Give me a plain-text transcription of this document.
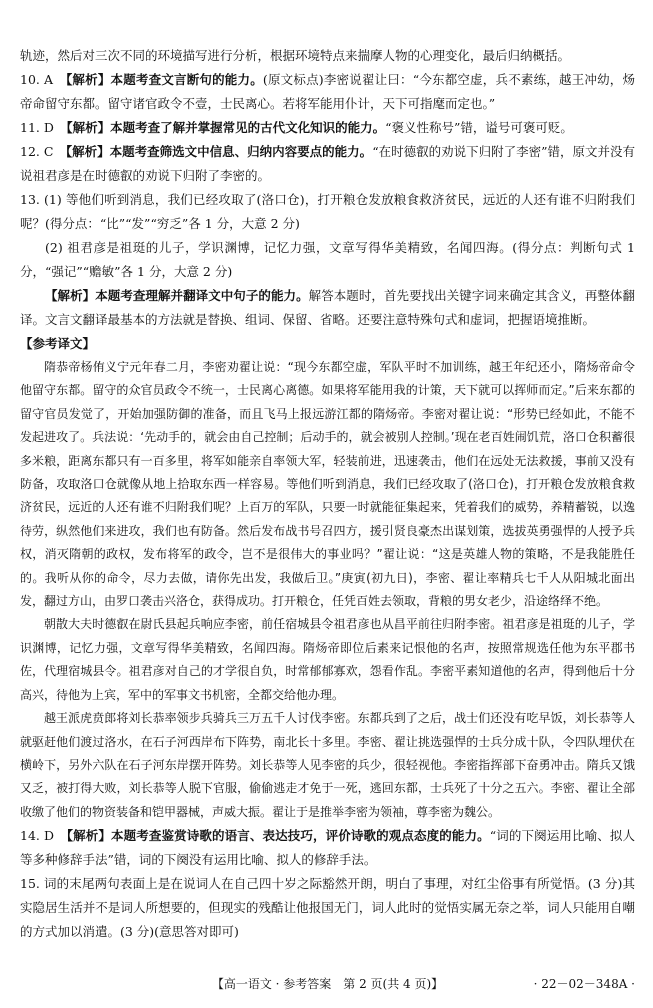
轨迹，然后对三次不同的环境描写进行分析，根据环境特点来揣摩人物的心理变化，最后归纳概括。

10. A　【解析】本题考查文言断句的能力。(原文标点)李密说翟让曰：“今东都空虚，兵不素练，越王冲幼，炀帝命留守东都。留守诸官政令不壹，士民离心。若将军能用仆计，天下可指麾而定也。”

11. D　【解析】本题考查了解并掌握常见的古代文化知识的能力。“褒义性称号”错，谥号可褒可贬。

12. C　【解析】本题考查筛选文中信息、归纳内容要点的能力。“在时德叡的劝说下归附了李密”错，原文并没有说祖君彦是在时德叡的劝说下归附了李密的。

13. (1) 等他们听到消息，我们已经攻取了(洛口仓)，打开粮仓发放粮食救济贫民，远近的人还有谁不归附我们呢？(得分点：“比”“发”“穷乏”各 1 分，大意 2 分)

(2) 祖君彦是祖珽的儿子，学识渊博，记忆力强，文章写得华美精致，名闻四海。(得分点：判断句式 1 分，“强记”“赡敏”各 1 分，大意 2 分)

【解析】本题考查理解并翻译文中句子的能力。解答本题时，首先要找出关键字词来确定其含义，再整体翻译。文言文翻译最基本的方法就是替换、组词、保留、省略。还要注意特殊句式和虚词，把握语境推断。

【参考译文】

隋恭帝杨侑义宁元年春二月，李密劝翟让说：“现今东都空虚，军队平时不加训练，越王年纪还小，隋炀帝命令他留守东都。留守的众官员政令不统一，士民离心离德。如果将军能用我的计策，天下就可以挥师而定。”后来东都的留守官员发觉了，开始加强防御的准备，而且飞马上报远游江都的隋炀帝。李密对翟让说：“形势已经如此，不能不发起进攻了。兵法说：‘先动手的，就会由自己控制；后动手的，就会被别人控制。’现在老百姓闹饥荒，洛口仓积蓄很多米粮，距离东都只有一百多里，将军如能亲自率领大军，轻装前进，迅速袭击，他们在远处无法救援，事前又没有防备，攻取洛口仓就像从地上拾取东西一样容易。等他们听到消息，我们已经攻取了(洛口仓)，打开粮仓发放粮食救济贫民，远近的人还有谁不归附我们呢？上百万的军队，只要一时就能征集起来，凭着我们的威势，养精蓄锐，以逸待劳，纵然他们来进攻，我们也有防备。然后发布战书号召四方，援引贤良豪杰出谋划策，选拔英勇强悍的人授予兵权，消灭隋朝的政权，发布将军的政令，岂不是很伟大的事业吗？”翟让说：“这是英雄人物的策略，不是我能胜任的。我听从你的命令，尽力去做，请你先出发，我做后卫。”庚寅(初九日)，李密、翟让率精兵七千人从阳城北面出发，翻过方山，由罗口袭击兴洛仓，获得成功。打开粮仓，任凭百姓去领取，背粮的男女老少，沿途络绎不绝。

朝散大夫时德叡在尉氏县起兵响应李密，前任宿城县令祖君彦也从昌平前往归附李密。祖君彦是祖珽的儿子，学识渊博，记忆力强，文章写得华美精致，名闻四海。隋炀帝即位后素来记恨他的名声，按照常规选任他为东平郡书佐，代理宿城县令。祖君彦对自己的才学很自负，时常郁郁寡欢，怨看作乱。李密平素知道他的名声，得到他后十分高兴，待他为上宾，军中的军事文书机密，全都交给他办理。

越王派虎贲郎将刘长恭率领步兵骑兵三万五千人讨伐李密。东都兵到了之后，战士们还没有吃早饭，刘长恭等人就驱赶他们渡过洛水，在石子河西岸布下阵势，南北长十多里。李密、翟让挑选强悍的士兵分成十队，令四队埋伏在横岭下，另外六队在石子河东岸摆开阵势。刘长恭等人见李密的兵少，很轻视他。李密指挥部下奋勇冲击。隋兵又饿又乏，被打得大败，刘长恭等人脱下官服，偷偷逃走才免于一死，逃回东都，士兵死了十分之五六。李密、翟让全部收缴了他们的物资装备和铠甲器械，声威大振。翟让于是推举李密为领袖，尊李密为魏公。

14. D　【解析】本题考查鉴赏诗歌的语言、表达技巧，评价诗歌的观点态度的能力。“词的下阕运用比喻、拟人等多种修辞手法”错，词的下阕没有运用比喻、拟人的修辞手法。

15. 词的末尾两句表面上是在说词人在自己四十岁之际豁然开朗，明白了事理，对红尘俗事有所觉悟。(3 分)其实隐居生活并不是词人所想要的，但现实的残酷让他报国无门，词人此时的觉悟实属无奈之举，词人只能用自嘲的方式加以消遣。(3 分)(意思答对即可)

【高一语文 · 参考答案　第 2 页(共 4 页)】	· 22－02－348A ·
